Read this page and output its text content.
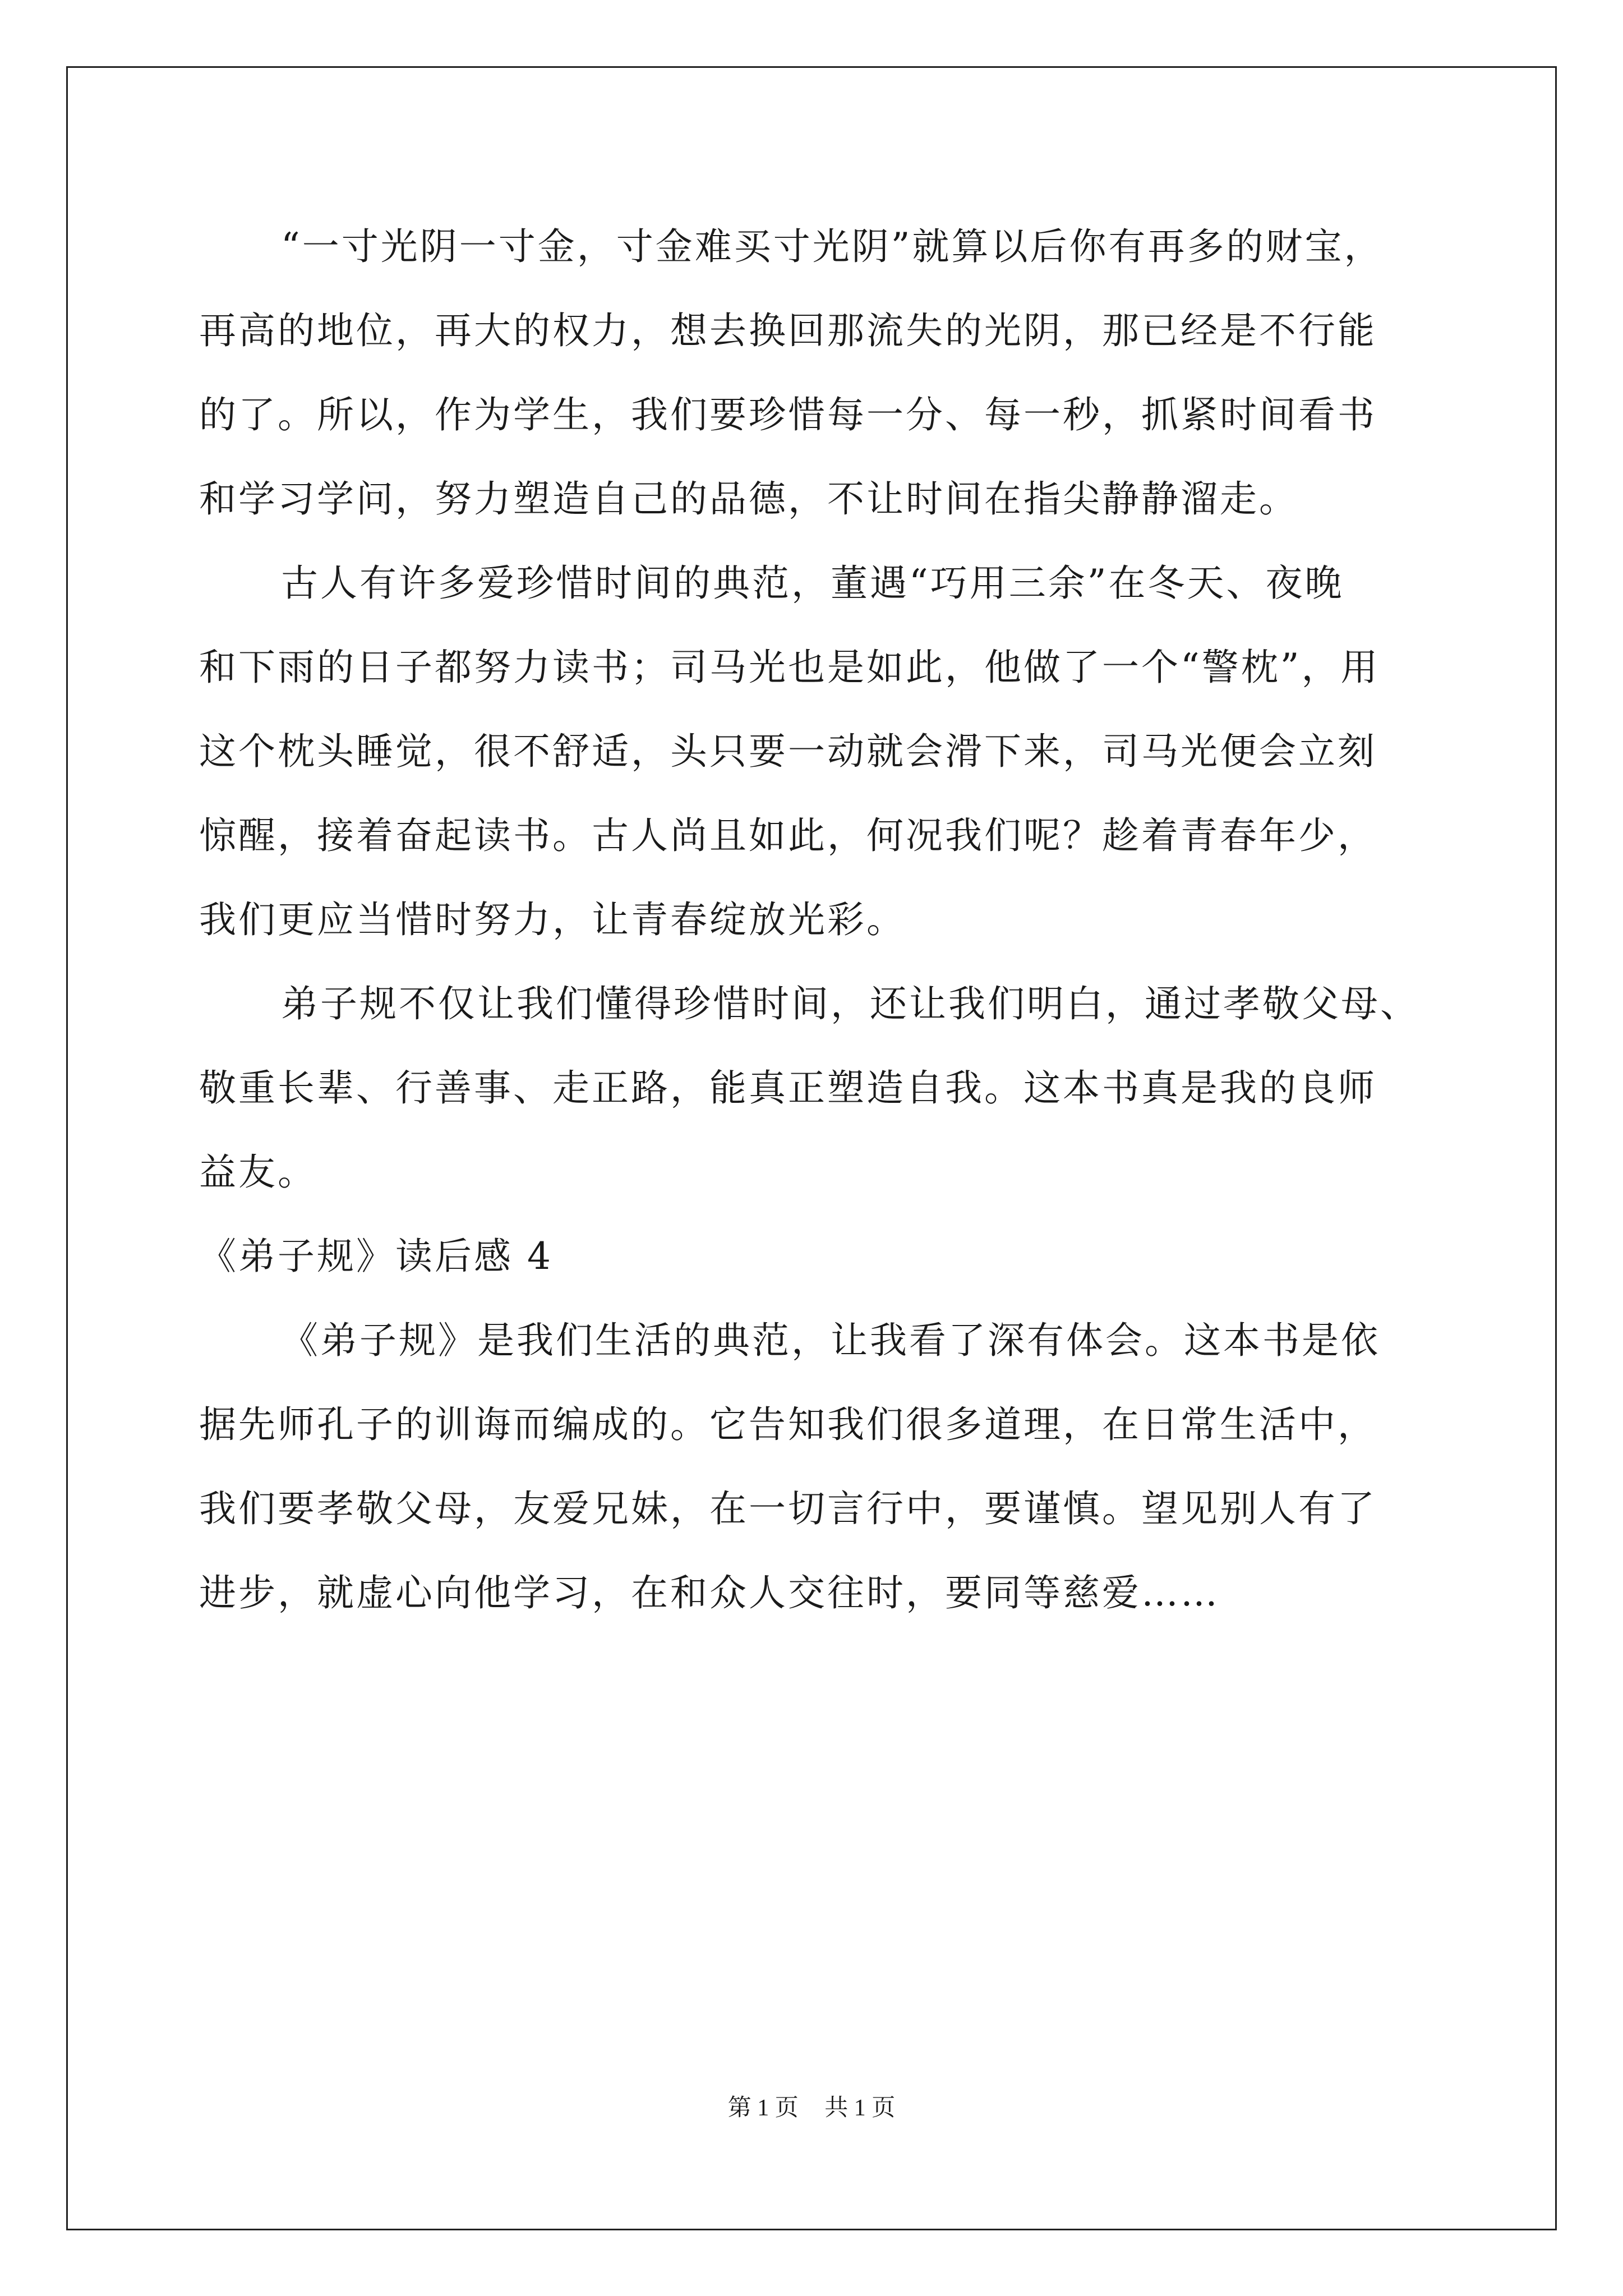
“一寸光阴一寸金，寸金难买寸光阴”就算以后你有再多的财宝，
再高的地位，再大的权力，想去换回那流失的光阴，那已经是不行能
的了。所以，作为学生，我们要珍惜每一分、每一秒，抓紧时间看书
和学习学问，努力塑造自己的品德，不让时间在指尖静静溜走。
古人有许多爱珍惜时间的典范，董遇“巧用三余”在冬天、夜晚
和下雨的日子都努力读书；司马光也是如此，他做了一个“警枕”，用
这个枕头睡觉，很不舒适，头只要一动就会滑下来，司马光便会立刻
惊醒，接着奋起读书。古人尚且如此，何况我们呢？趁着青春年少，
我们更应当惜时努力，让青春绽放光彩。
弟子规不仅让我们懂得珍惜时间，还让我们明白，通过孝敬父母、
敬重长辈、行善事、走正路，能真正塑造自我。这本书真是我的良师
益友。
《弟子规》读后感 4
《弟子规》是我们生活的典范，让我看了深有体会。这本书是依
据先师孔子的训诲而编成的。它告知我们很多道理，在日常生活中，
我们要孝敬父母，友爱兄妹，在一切言行中，要谨慎。望见别人有了
进步，就虚心向他学习，在和众人交往时，要同等慈爱……
第 1 页 共 1 页
